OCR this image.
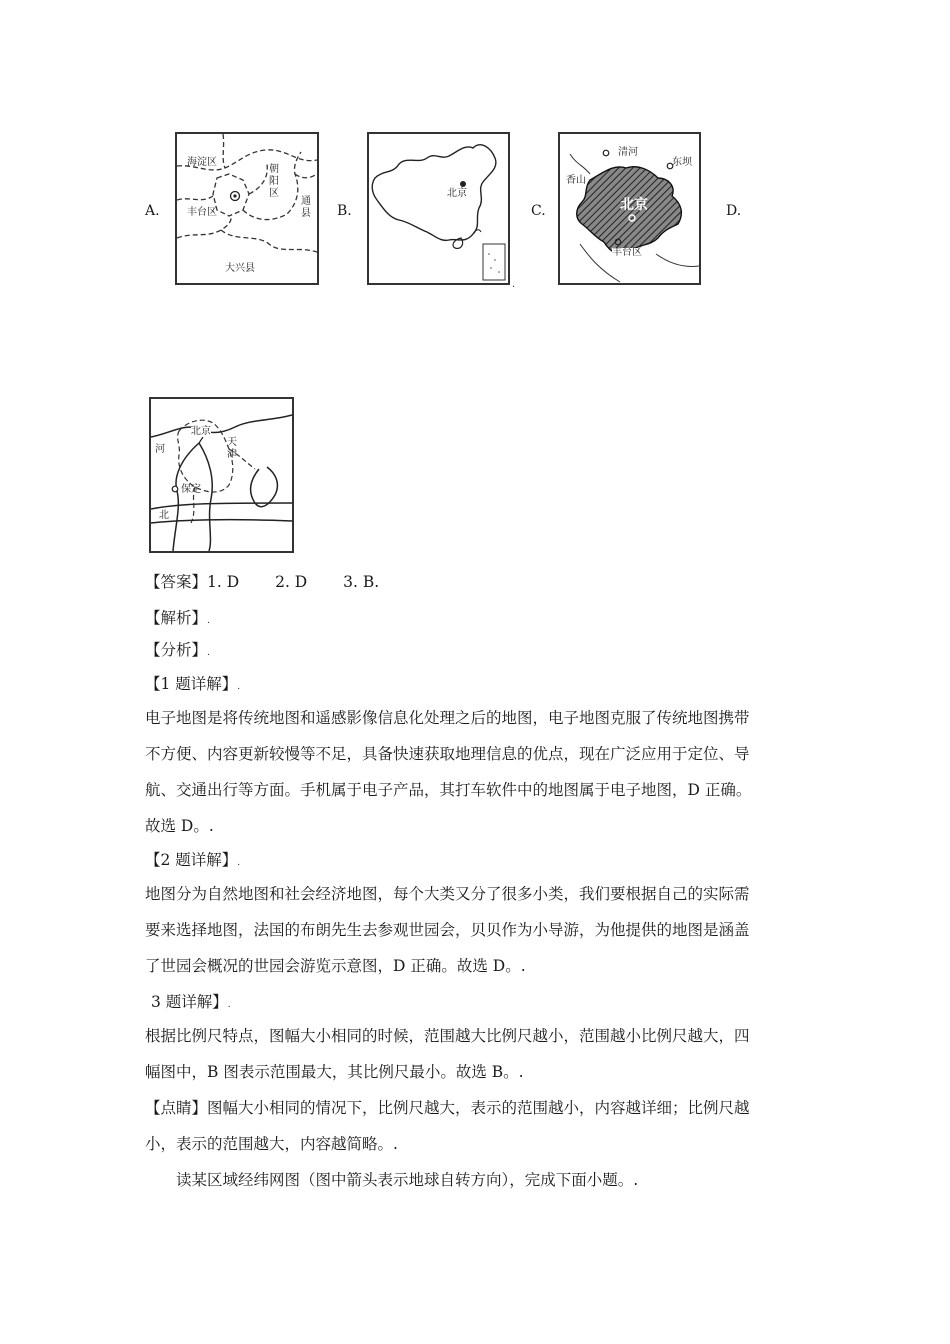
A.	B.	C.	D.
海淀区
朝阳区
通县
丰台区
大兴县
北京
.
清河
东坝
香山
北京
丰台区
北京
河
天津
保定
北
【答案】1. D　　 2. D　　 3. B.
【解析】.
【分析】.
【1 题详解】.
电子地图是将传统地图和遥感影像信息化处理之后的地图，电子地图克服了传统地图携带
不方便、内容更新较慢等不足，具备快速获取地理信息的优点，现在广泛应用于定位、导
航、交通出行等方面。手机属于电子产品，其打车软件中的地图属于电子地图，D 正确。
故选 D。.
【2 题详解】.
地图分为自然地图和社会经济地图，每个大类又分了很多小类，我们要根据自己的实际需
要来选择地图，法国的布朗先生去参观世园会，贝贝作为小导游，为他提供的地图是涵盖
了世园会概况的世园会游览示意图，D 正确。故选 D。.
3 题详解】.
根据比例尺特点，图幅大小相同的时候，范围越大比例尺越小，范围越小比例尺越大，四
幅图中，B 图表示范围最大，其比例尺最小。故选 B。.
【点睛】图幅大小相同的情况下，比例尺越大，表示的范围越小，内容越详细；比例尺越
小，表示的范围越大，内容越简略。.
读某区域经纬网图（图中箭头表示地球自转方向），完成下面小题。.
